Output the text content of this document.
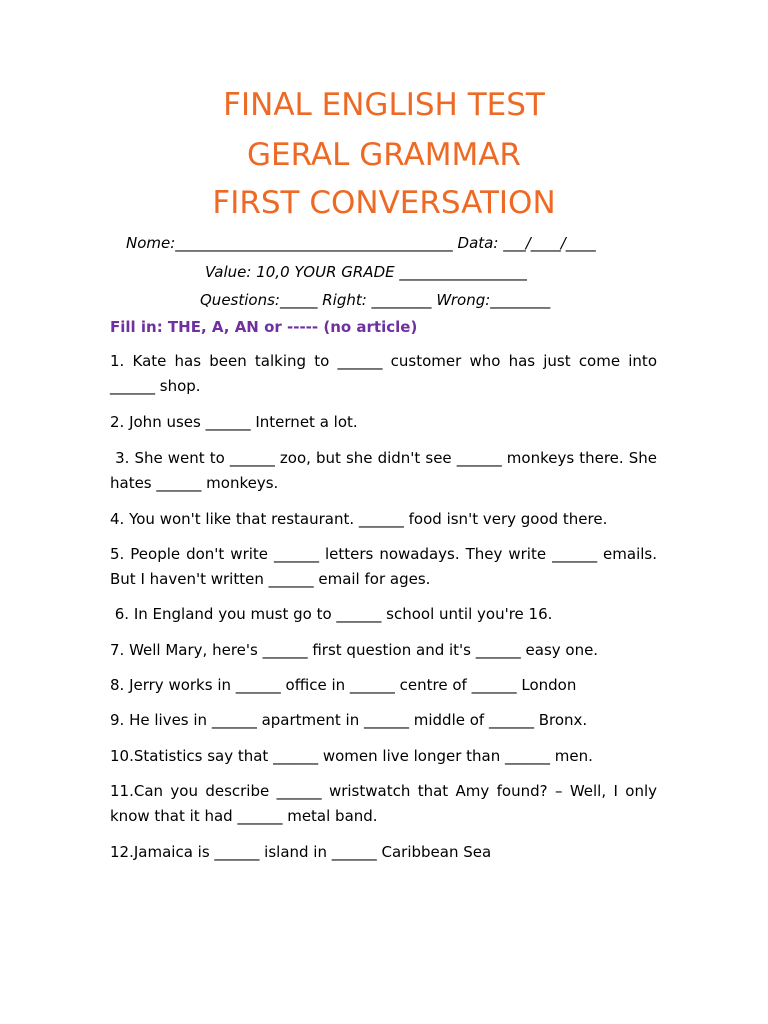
FINAL ENGLISH TEST
GERAL GRAMMAR
FIRST CONVERSATION
Nome:_____________________________________ Data: ___/____/____
Value: 10,0 YOUR GRADE _________________
Questions:_____ Right: ________ Wrong:________
Fill in: THE, A, AN or ----- (no article)

1. Kate has been talking to ______ customer who has just come into ______ shop.

2. John uses ______ Internet a lot.

3. She went to ______ zoo, but she didn't see ______ monkeys there. She hates ______ monkeys.

4. You won't like that restaurant. ______ food isn't very good there.

5. People don't write ______ letters nowadays. They write ______ emails. But I haven't written ______ email for ages.

6. In England you must go to ______ school until you're 16.

7. Well Mary, here's ______ first question and it's ______ easy one.

8. Jerry works in ______ office in ______ centre of ______ London

9. He lives in ______ apartment in ______ middle of ______ Bronx.

10.Statistics say that ______ women live longer than ______ men.

11.Can you describe ______ wristwatch that Amy found? – Well, I only know that it had ______ metal band.

12.Jamaica is ______ island in ______ Caribbean Sea
